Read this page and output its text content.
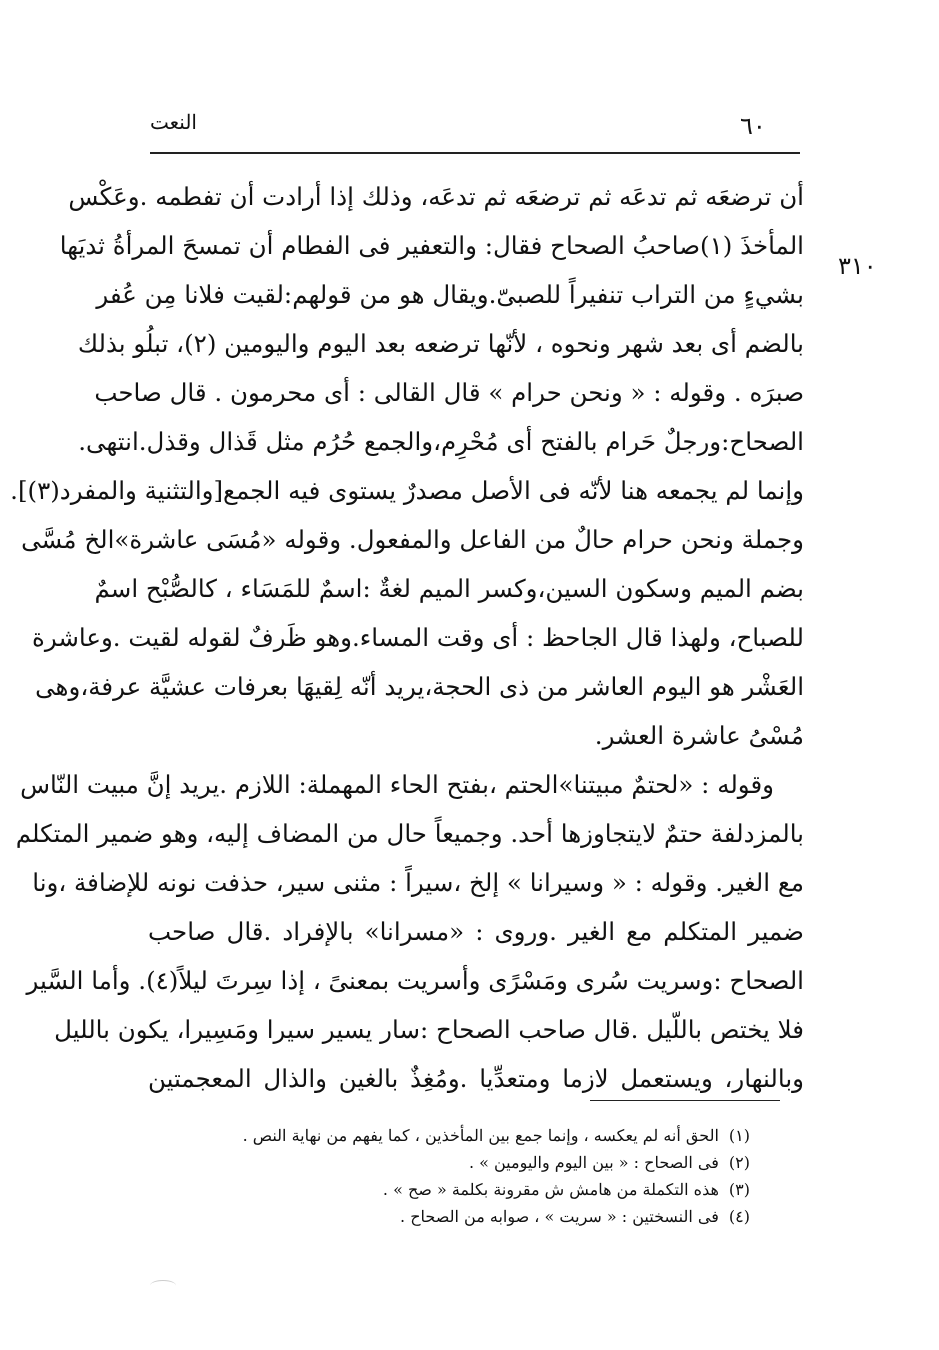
النعت	٦٠
٣١٠
أن ترضعَه ثم تدعَه ثم ترضعَه ثم تدعَه، وذلك إذا أرادت أن تفطمه .وعَكْس
المأخذَ (١)صاحبُ الصحاح فقال: والتعفير فى الفطام أن تمسحَ المرأةُ ثديَها
بشيءٍ من التراب تنفيراً للصبىّ.ويقال هو من قولهم:لقيت فلانا مِن عُفر
بالضم أى بعد شهر ونحوه ، لأنّها ترضعه بعد اليوم واليومين (٢)، تبلُو بذلك
صبرَه . وقوله : « ونحن حرام » قال القالى : أى محرمون . قال صاحب
الصحاح:ورجلٌ حَرام بالفتح أى مُحْرِم،والجمع حُرُم مثل قَذال وقذل.انتهى.
وإنما لم يجمعه هنا لأنّه فى الأصل مصدرٌ يستوى فيه الجمع[والتثنية والمفرد(٣)].
وجملة ونحن حرام حالٌ من الفاعل والمفعول. وقوله «مُسَى عاشرة»الخ مُسَّى
بضم الميم وسكون السين،وكسر الميم لغةٌ :اسمٌ للمَسَاء ، كالصُّبْح اسمٌ
للصباح، ولهذا قال الجاحظ : أى وقت المساء.وهو ظَرفٌ لقوله لقيت .وعاشرة
العَشْر هو اليوم العاشر من ذى الحجة،يريد أنّه لِقيهَا بعرفات عشيَّة عرفة،وهى
مُسْىُ عاشرة العشر.
وقوله : «لحتمٌ مبيتنا»الحتم ،بفتح الحاء المهملة: اللازم .يريد إنَّ مبيت النّاس
بالمزدلفة حتمٌ لايتجاوزها أحد. وجميعاً حال من المضاف إليه، وهو ضمير المتكلم
مع الغير. وقوله : « وسيرانا » إلخ ،سيراً : مثنى سير، حذفت نونه للإضافة ،ونا
ضمير المتكلم مع الغير .وروى : «مسرانا» بالإفراد .قال صاحب
الصحاح :وسريت سُرى ومَسْرًى وأسريت بمعنىً ، إذا سِرتَ ليلاً(٤). وأما السَّير
فلا يختص باللّيل .قال صاحب الصحاح :سار يسير سيرا ومَسِيرا، يكون بالليل
وبالنهار، ويستعمل لازما ومتعدِّيا .ومُغِذٌ بالغين والذال المعجمتين
(١)الحق أنه لم يعكسه ، وإنما جمع بين المأخذين ، كما يفهم من نهاية النص .
(٢)فى الصحاح : « بين اليوم واليومين » .
(٣)هذه التكملة من هامش ش مقرونة بكلمة « صح » .
(٤)فى النسختين : « سريت » ، صوابه من الصحاح .
